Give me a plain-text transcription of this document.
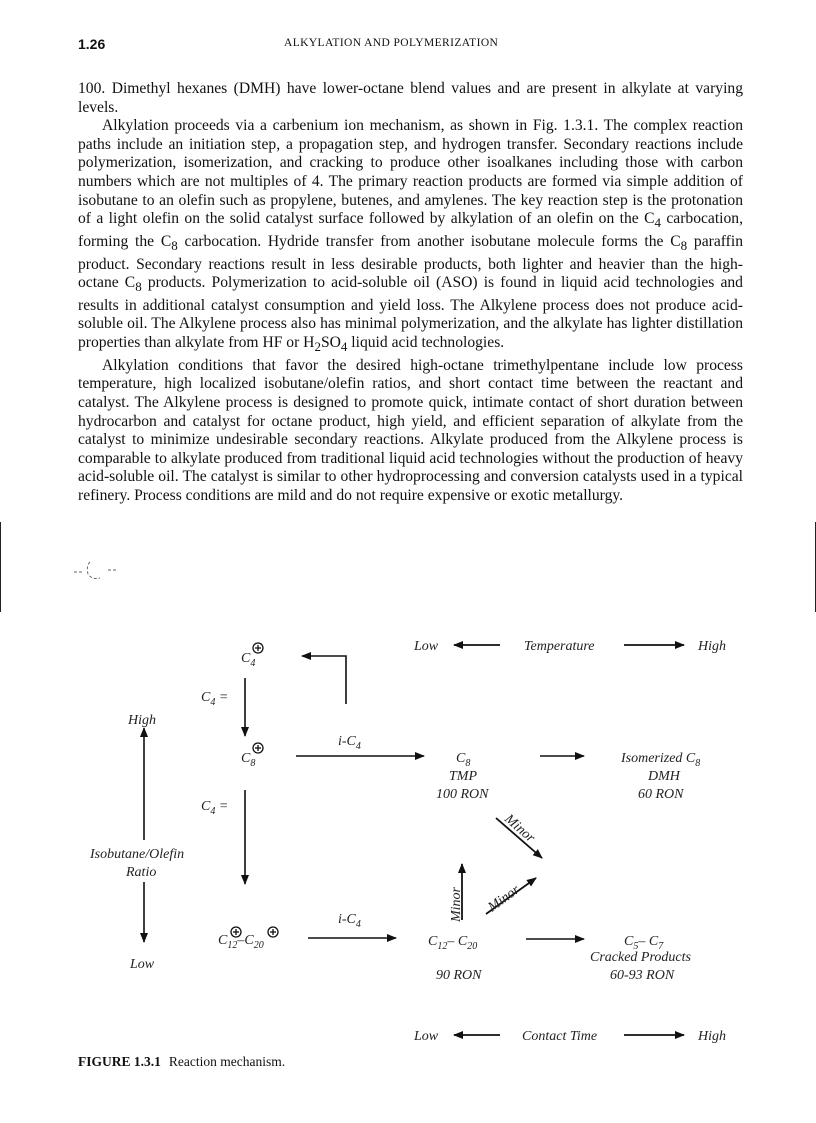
1.26	ALKYLATION AND POLYMERIZATION

100. Dimethyl hexanes (DMH) have lower-octane blend values and are present in alkylate at varying levels.

Alkylation proceeds via a carbenium ion mechanism, as shown in Fig. 1.3.1. The complex reaction paths include an initiation step, a propagation step, and hydrogen transfer. Secondary reactions include polymerization, isomerization, and cracking to produce other isoalkanes including those with carbon numbers which are not multiples of 4. The primary reaction products are formed via simple addition of isobutane to an olefin such as propylene, butenes, and amylenes. The key reaction step is the protonation of a light olefin on the solid catalyst surface followed by alkylation of an olefin on the $C_4$ carbocation, forming the $C_8$ carbocation. Hydride transfer from another isobutane molecule forms the $C_8$ paraffin product. Secondary reactions result in less desirable products, both lighter and heavier than the high-octane $C_8$ products. Polymerization to acid-soluble oil (ASO) is found in liquid acid technologies and results in additional catalyst consumption and yield loss. The Alkylene process does not produce acid-soluble oil. The Alkylene process also has minimal polymerization, and the alkylate has lighter distillation properties than alkylate from HF or $H_2SO_4$ liquid acid technologies.

Alkylation conditions that favor the desired high-octane trimethylpentane include low process temperature, high localized isobutane/olefin ratios, and short contact time between the reactant and catalyst. The Alkylene process is designed to promote quick, intimate contact of short duration between hydrocarbon and catalyst for octane product, high yield, and efficient separation of alkylate from the catalyst to minimize undesirable secondary reactions. Alkylate produced from the Alkylene process is comparable to alkylate produced from traditional liquid acid technologies without the production of heavy acid-soluble oil. The catalyst is similar to other hydroprocessing and conversion catalysts used in a typical refinery. Process conditions are mild and do not require expensive or exotic metallurgy.

Low	Temperature	High
High
Isobutane/Olefin
Ratio
Low
$C_4$
$C_4$ =
$C_8$
$i-C_4$
$C_4$ =
$C_{12}-C_{20}$
$i-C_4$
$C_8$
TMP
100 RON
Isomerized $C_8$
DMH
60 RON
Minor
Minor Minor
$C_{12}-$ $C_{20}$
90 RON
$C_5-$ $C_7$
Cracked Products
60-93 RON
Low	Contact Time	High
FIGURE 1.3.1 Reaction mechanism.
